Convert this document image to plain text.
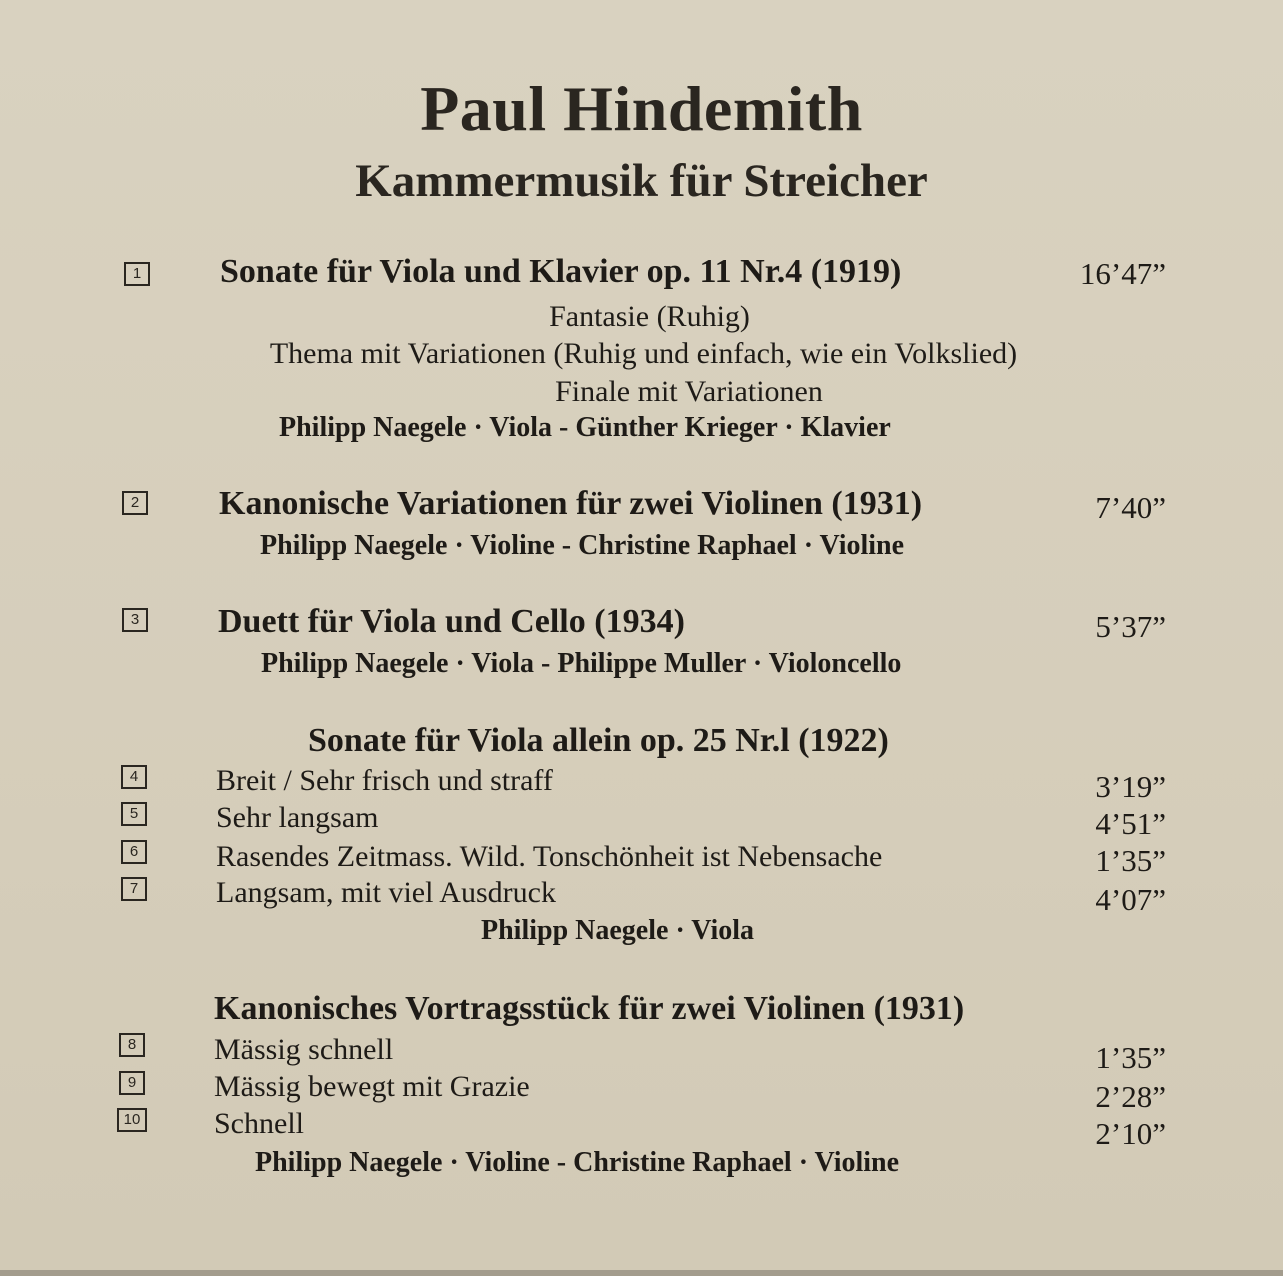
Paul Hindemith
Kammermusik für Streicher
1 Sonate für Viola und Klavier op. 11 Nr.4 (1919)	16’47”
Fantasie (Ruhig)
Thema mit Variationen (Ruhig und einfach, wie ein Volkslied)
Finale mit Variationen
Philipp Naegele · Viola - Günther Krieger · Klavier
2 Kanonische Variationen für zwei Violinen (1931)	7’40”
Philipp Naegele · Violine - Christine Raphael · Violine
3 Duett für Viola und Cello (1934)	5’37”
Philipp Naegele · Viola - Philippe Muller · Violoncello
Sonate für Viola allein op. 25 Nr.l (1922)
4	Breit / Sehr frisch und straff	3’19”
5	Sehr langsam	4’51”
6	Rasendes Zeitmass. Wild. Tonschönheit ist Nebensache	1’35”
7	Langsam, mit viel Ausdruck	4’07”
Philipp Naegele · Viola
Kanonisches Vortragsstück für zwei Violinen (1931)
8	Mässig schnell	1’35”
9	Mässig bewegt mit Grazie	2’28”
10 Schnell	2’10”
Philipp Naegele · Violine - Christine Raphael · Violine
